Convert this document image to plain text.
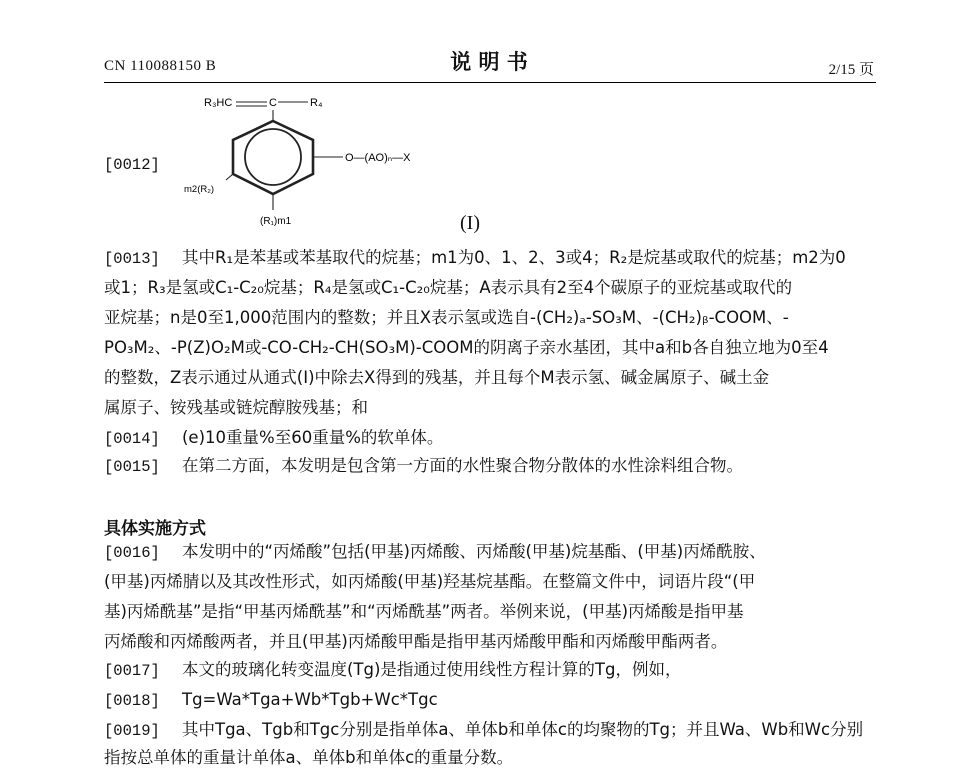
CN 110088150 B	说 明 书	2/15 页
[0012]
R₃HC	C	R₄
O—(AO)ₙ—X
m2(R₂)
(R₁)m1	(I)
[0013] 其中R₁是苯基或苯基取代的烷基；m1为0、1、2、3或4；R₂是烷基或取代的烷基；m2为0
或1；R₃是氢或C₁-C₂₀烷基；R₄是氢或C₁-C₂₀烷基；A表示具有2至4个碳原子的亚烷基或取代的
亚烷基；n是0至1,000范围内的整数；并且X表示氢或选自-(CH₂)ₐ-SO₃M、-(CH₂)ᵦ-COOM、-
PO₃M₂、-P(Z)O₂M或-CO-CH₂-CH(SO₃M)-COOM的阴离子亲水基团，其中a和b各自独立地为0至4
的整数，Z表示通过从通式(I)中除去X得到的残基，并且每个M表示氢、碱金属原子、碱土金
属原子、铵残基或链烷醇胺残基；和
[0014] (e)10重量%至60重量%的软单体。
[0015] 在第二方面，本发明是包含第一方面的水性聚合物分散体的水性涂料组合物。
具体实施方式
[0016] 本发明中的“丙烯酸”包括(甲基)丙烯酸、丙烯酸(甲基)烷基酯、(甲基)丙烯酰胺、
(甲基)丙烯腈以及其改性形式，如丙烯酸(甲基)羟基烷基酯。在整篇文件中，词语片段“(甲
基)丙烯酰基”是指“甲基丙烯酰基”和“丙烯酰基”两者。举例来说，(甲基)丙烯酸是指甲基
丙烯酸和丙烯酸两者，并且(甲基)丙烯酸甲酯是指甲基丙烯酸甲酯和丙烯酸甲酯两者。
[0017] 本文的玻璃化转变温度(Tg)是指通过使用线性方程计算的Tg，例如，
[0018] Tg=Wa*Tga+Wb*Tgb+Wc*Tgc
[0019] 其中Tga、Tgb和Tgc分别是指单体a、单体b和单体c的均聚物的Tg；并且Wa、Wb和Wc分别
指按总单体的重量计单体a、单体b和单体c的重量分数。
